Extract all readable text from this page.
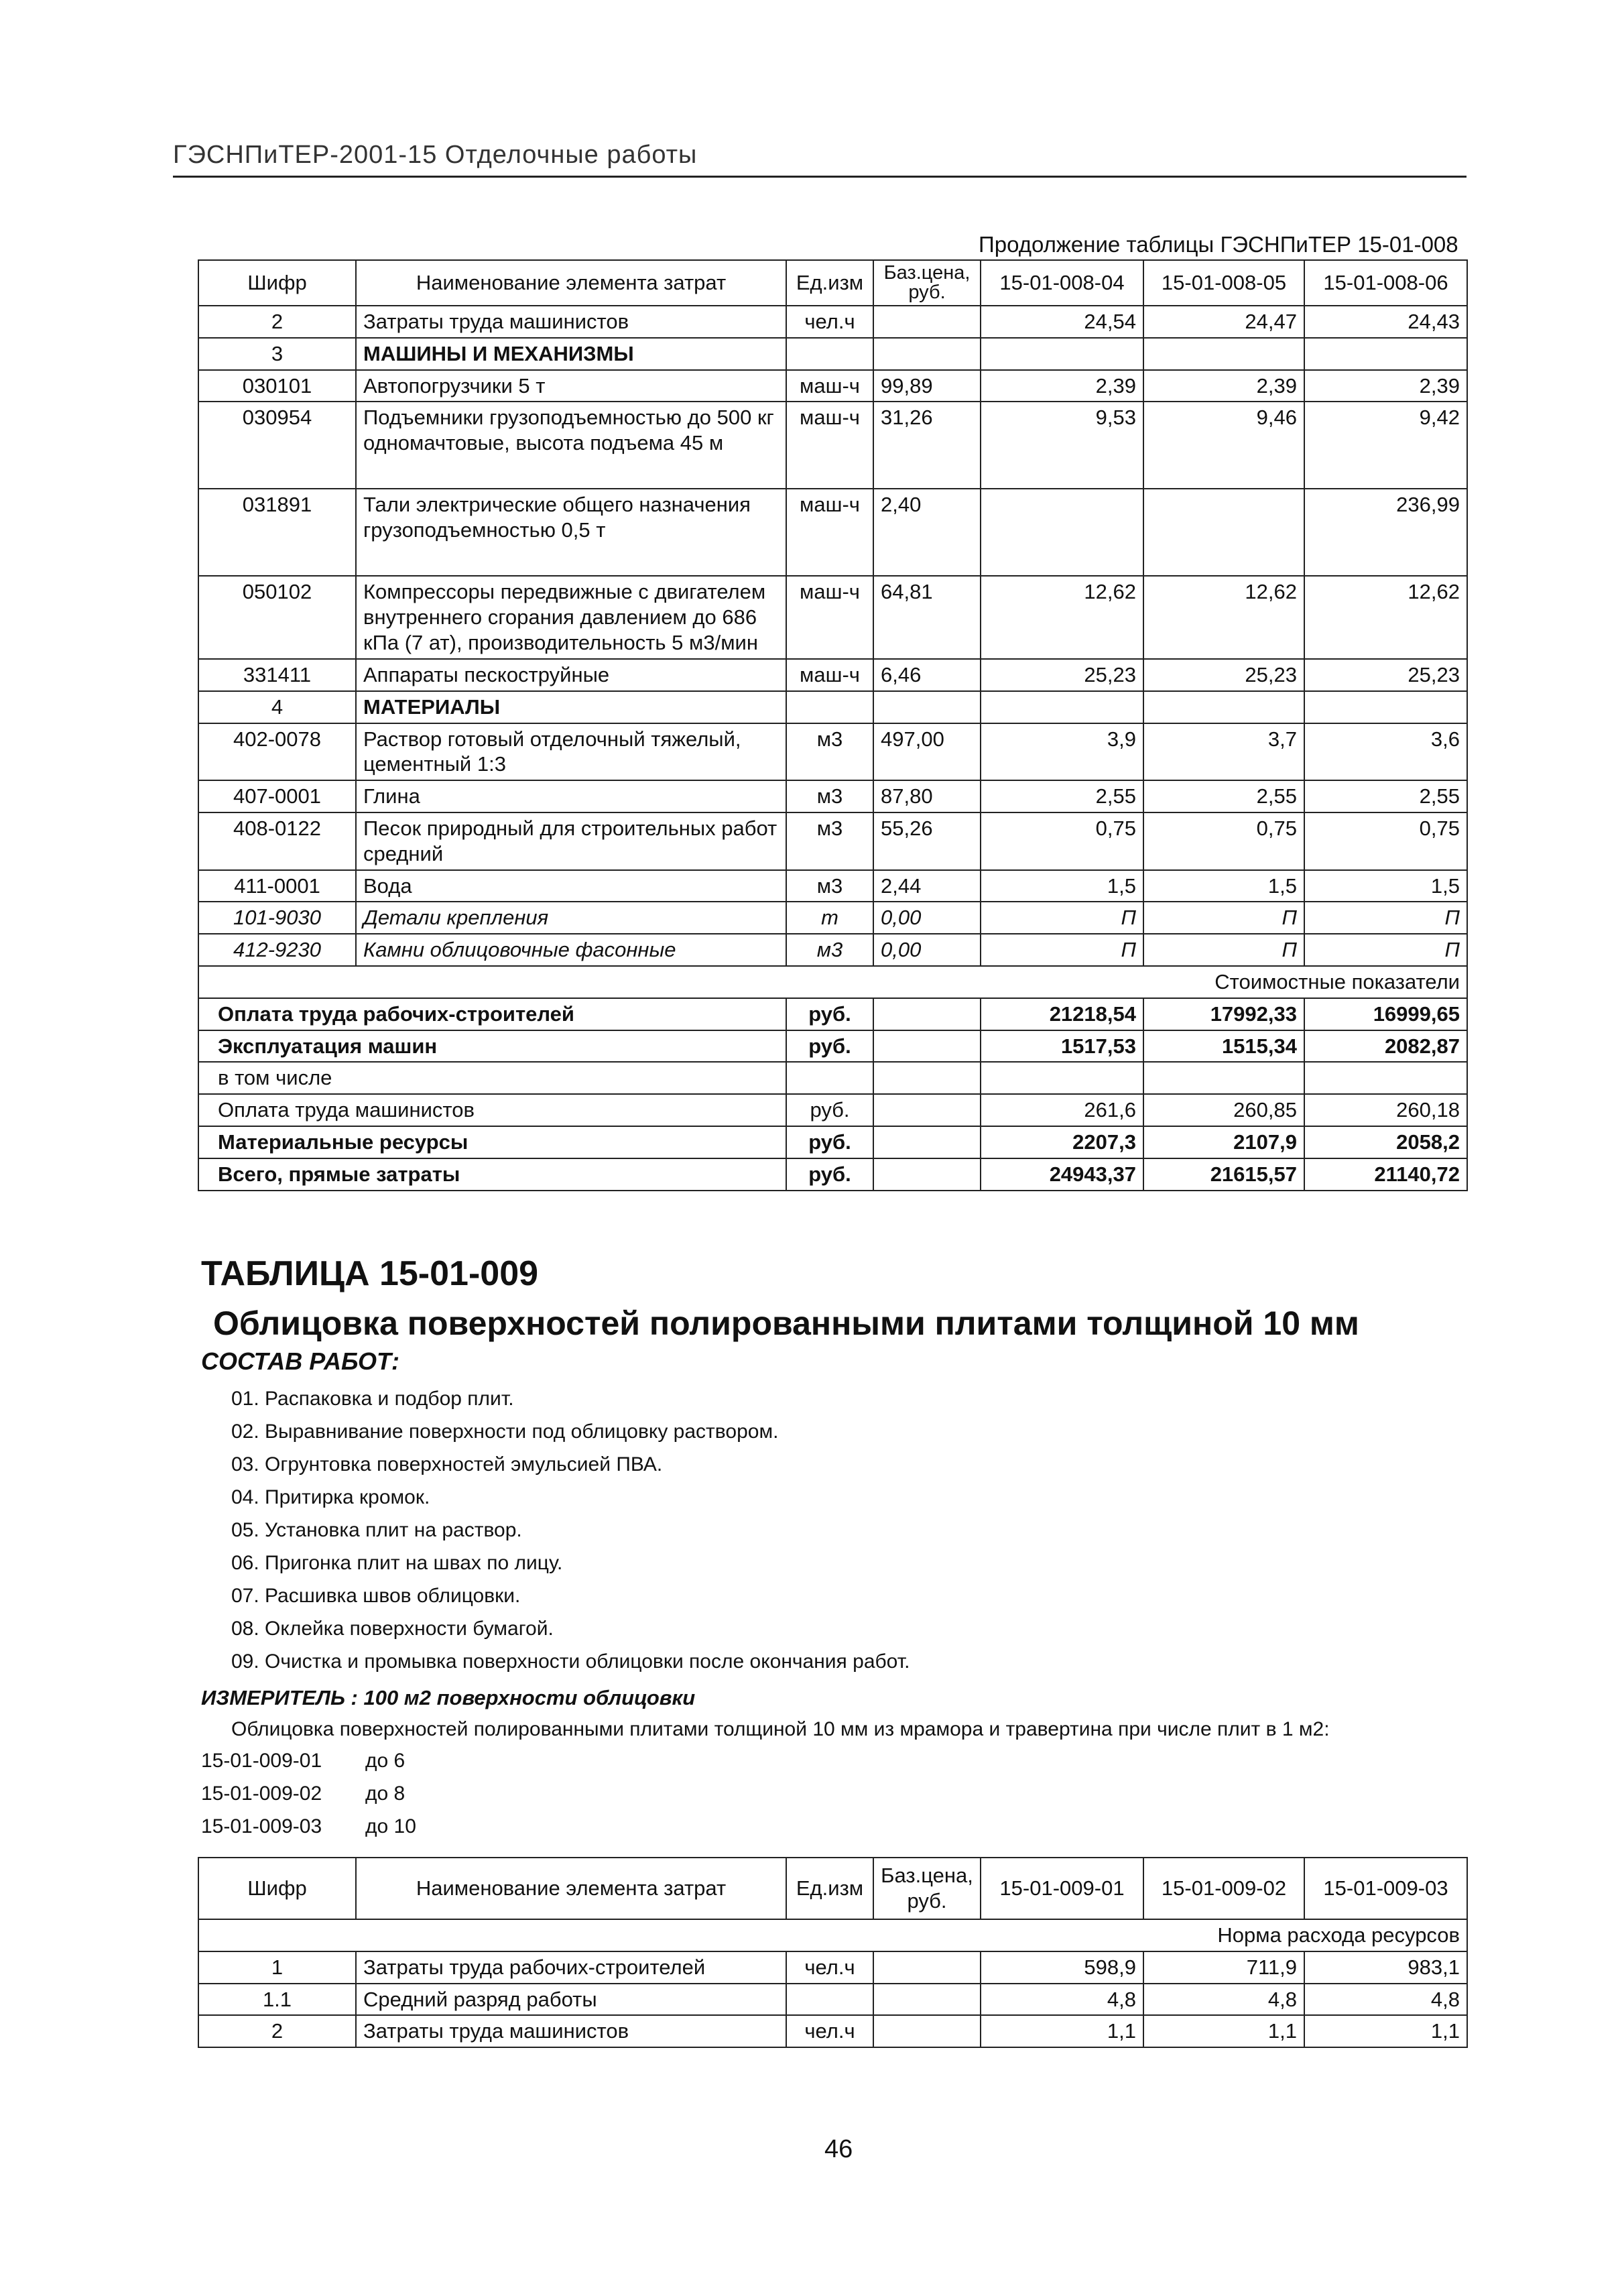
ГЭСНПиТЕР-2001-15 Отделочные работы
Продолжение таблицы ГЭСНПиТЕР 15-01-008
Шифр	Наименование элемента затрат	Ед.изм	Баз.цена, руб.	15-01-008-04	15-01-008-05	15-01-008-06
2	Затраты труда машинистов	чел.ч		24,54	24,47	24,43
3	МАШИНЫ И МЕХАНИЗМЫ					
030101	Автопогрузчики 5 т	маш-ч	99,89	2,39	2,39	2,39
030954	Подъемники грузоподъемностью до 500 кг одномачтовые, высота подъема 45 м	маш-ч	31,26	9,53	9,46	9,42
031891	Тали электрические общего назначения грузоподъемностью 0,5 т	маш-ч	2,40			236,99
050102	Компрессоры передвижные с двигателем внутреннего сгорания давлением до 686 кПа (7 ат), производительность 5 м3/мин	маш-ч	64,81	12,62	12,62	12,62
331411	Аппараты пескоструйные	маш-ч	6,46	25,23	25,23	25,23
4	МАТЕРИАЛЫ					
402-0078	Раствор готовый отделочный тяжелый, цементный 1:3	м3	497,00	3,9	3,7	3,6
407-0001	Глина	м3	87,80	2,55	2,55	2,55
408-0122	Песок природный для строительных работ средний	м3	55,26	0,75	0,75	0,75
411-0001	Вода	м3	2,44	1,5	1,5	1,5
101-9030	Детали крепления	т	0,00	П	П	П
412-9230	Камни облицовочные фасонные	м3	0,00	П	П	П
Стоимостные показатели						
Оплата труда рабочих-строителей		руб.		21218,54	17992,33	16999,65
Эксплуатация машин		руб.		1517,53	1515,34	2082,87
в том числе						
Оплата труда машинистов		руб.		261,6	260,85	260,18
Материальные ресурсы		руб.		2207,3	2107,9	2058,2
Всего, прямые затраты		руб.		24943,37	21615,57	21140,72
ТАБЛИЦА 15-01-009
Облицовка поверхностей полированными плитами толщиной 10 мм
СОСТАВ РАБОТ:
01. Распаковка и подбор плит.
02. Выравнивание поверхности под облицовку раствором.
03. Огрунтовка поверхностей эмульсией ПВА.
04. Притирка кромок.
05. Установка плит на раствор.
06. Пригонка плит на швах по лицу.
07. Расшивка швов облицовки.
08. Оклейка поверхности бумагой.
09. Очистка и промывка поверхности облицовки после окончания работ.
ИЗМЕРИТЕЛЬ : 100 м2 поверхности облицовки
Облицовка поверхностей полированными плитами толщиной 10 мм из мрамора и травертина при числе плит в 1 м2:
15-01-009-01 до 6
15-01-009-02 до 8
15-01-009-03 до 10
Шифр	Наименование элемента затрат	Ед.изм	Баз.цена, руб.	15-01-009-01	15-01-009-02	15-01-009-03
Норма расхода ресурсов						
1	Затраты труда рабочих-строителей	чел.ч		598,9	711,9	983,1
1.1	Средний разряд работы			4,8	4,8	4,8
2	Затраты труда машинистов	чел.ч		1,1	1,1	1,1
46
